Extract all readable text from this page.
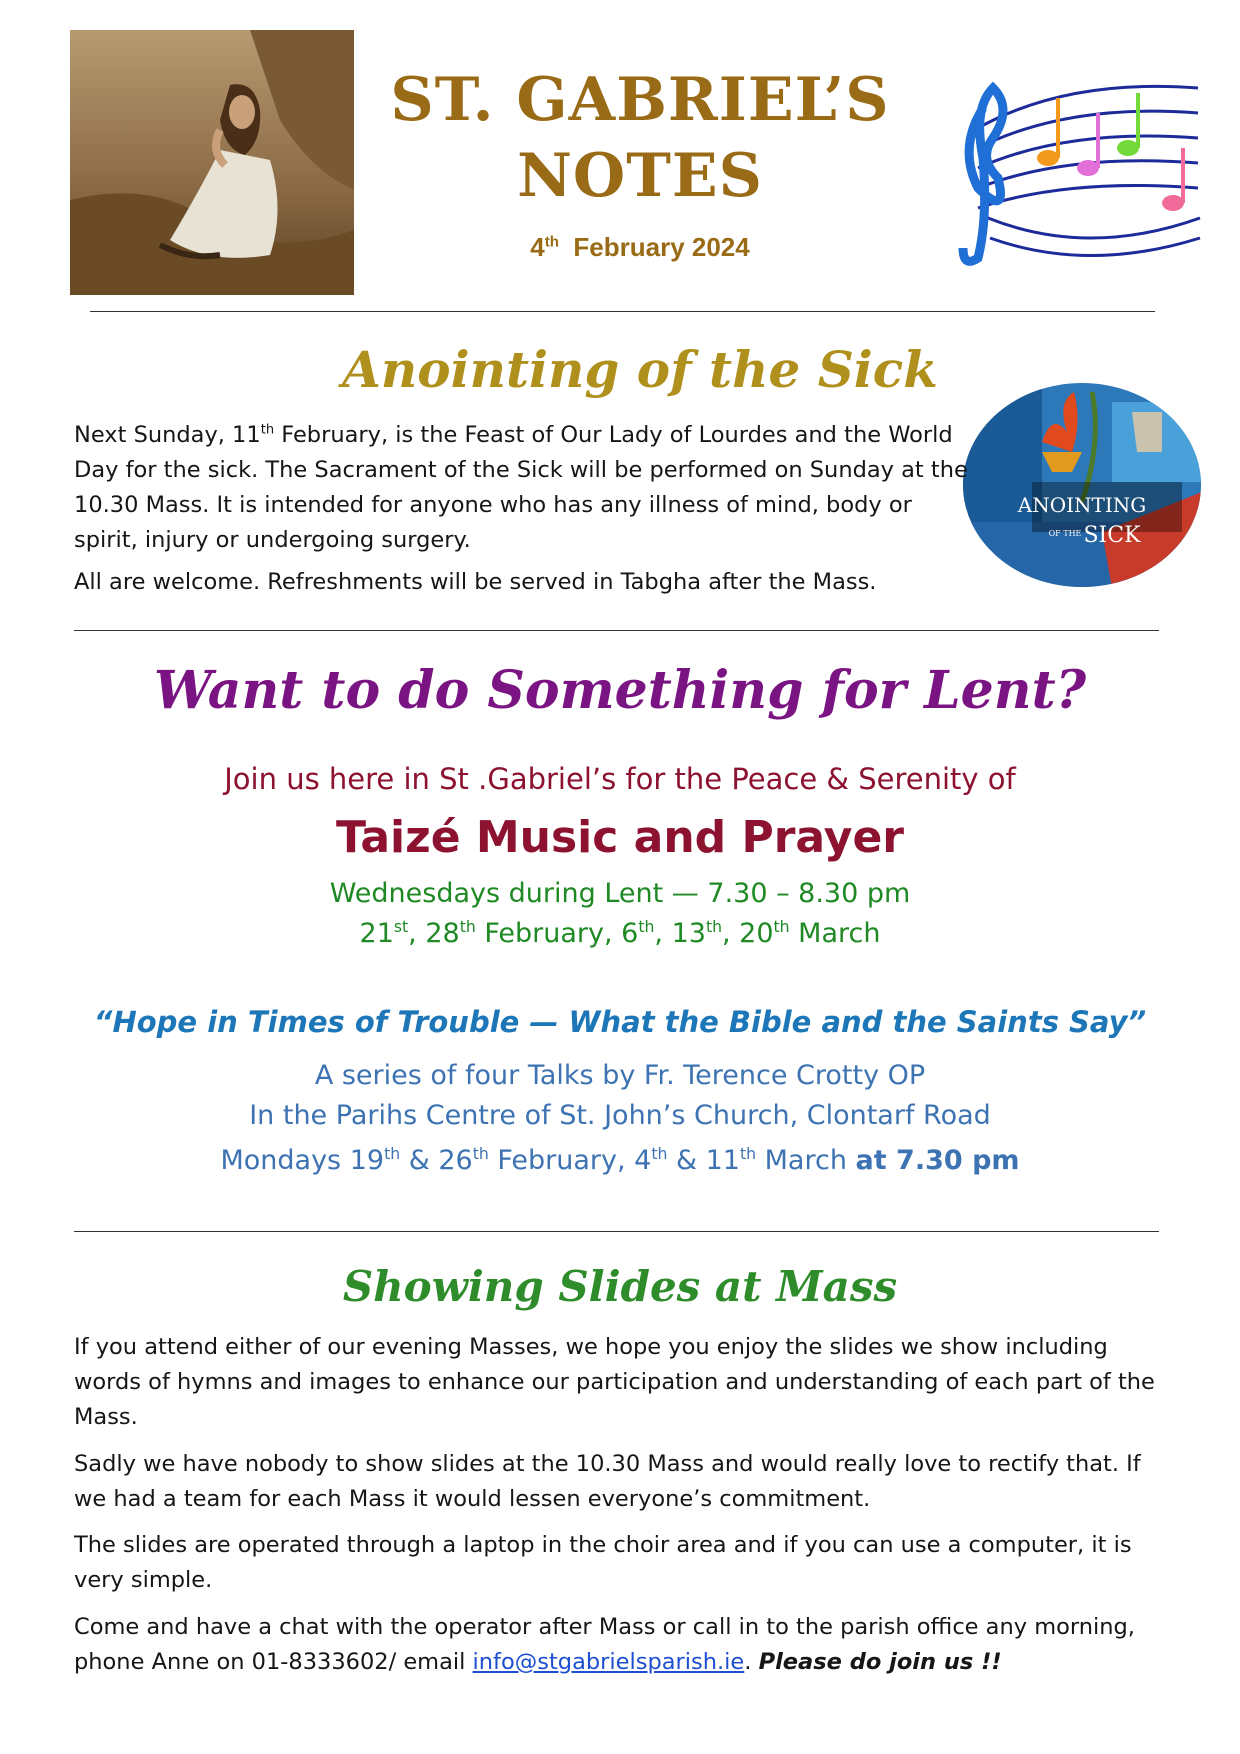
ST. GABRIEL’S
NOTES
4th February 2024
Anointing of the Sick
ANOINTING
SICK
OF THE
Next Sunday, 11th February, is the Feast of Our Lady of Lourdes and the World Day for the sick. The Sacrament of the Sick will be performed on Sunday at the 10.30 Mass. It is intended for anyone who has any illness of mind, body or spirit, injury or undergoing surgery.
All are welcome. Refreshments will be served in Tabgha after the Mass.
Want to do Something for Lent?
Join us here in St .Gabriel’s for the Peace & Serenity of
Taizé Music and Prayer
Wednesdays during Lent — 7.30 – 8.30 pm
21st, 28th February, 6th, 13th, 20th March
“Hope in Times of Trouble — What the Bible and the Saints Say”
A series of four Talks by Fr. Terence Crotty OP
In the Parihs Centre of St. John’s Church, Clontarf Road
Mondays 19th & 26th February, 4th & 11th March at 7.30 pm
Showing Slides at Mass
If you attend either of our evening Masses, we hope you enjoy the slides we show including words of hymns and images to enhance our participation and understanding of each part of the Mass.
Sadly we have nobody to show slides at the 10.30 Mass and would really love to rectify that. If we had a team for each Mass it would lessen everyone’s commitment.
The slides are operated through a laptop in the choir area and if you can use a computer, it is very simple.
Come and have a chat with the operator after Mass or call in to the parish office any morning, phone Anne on 01-8333602/ email info@stgabrielsparish.ie. Please do join us !!
